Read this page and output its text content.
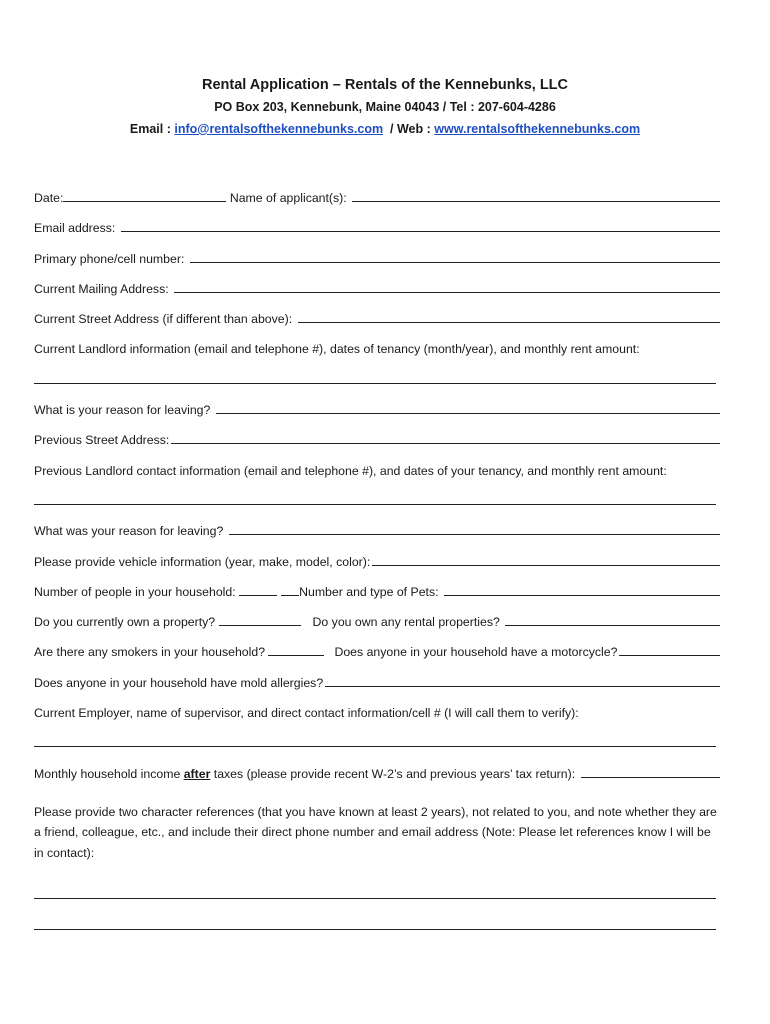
Rental Application – Rentals of the Kennebunks, LLC
PO Box 203, Kennebunk, Maine 04043 / Tel : 207-604-4286
Email : info@rentalsofthekennebunks.com  / Web : www.rentalsofthekennebunks.com
Date:	Name of applicant(s):
Email address:
Primary phone/cell number:
Current Mailing Address:
Current Street Address (if different than above):
Current Landlord information (email and telephone #), dates of tenancy (month/year), and monthly rent amount:
What is your reason for leaving?
Previous Street Address:
Previous Landlord contact information (email and telephone #), and dates of your tenancy, and monthly rent amount:
What was your reason for leaving?
Please provide vehicle information (year, make, model, color):
Number of people in your household:	Number and type of Pets:
Do you currently own a property?	Do you own any rental properties?
Are there any smokers in your household?	Does anyone in your household have a motorcycle?
Does anyone in your household have mold allergies?
Current Employer, name of supervisor, and direct contact information/cell # (I will call them to verify):
Monthly household income after taxes (please provide recent W-2’s and previous years’ tax return):
Please provide two character references (that you have known at least 2 years), not related to you, and note whether they are a friend, colleague, etc., and include their direct phone number and email address (Note: Please let references know I will be in contact):
